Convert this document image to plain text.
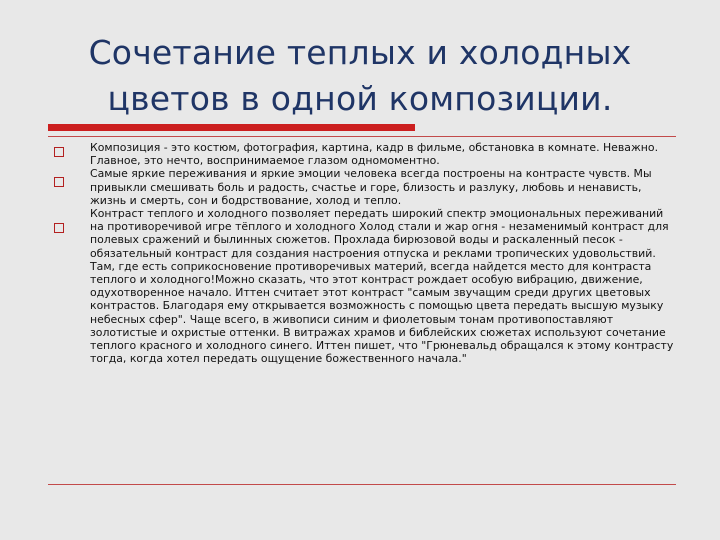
Сочетание теплых и холодных
цветов в одной композиции.

Композиция - это костюм, фотография, картина, кадр в фильме, обстановка в комнате. Неважно. Главное, это нечто, воспринимаемое глазом одномоментно.

Самые яркие переживания и яркие эмоции человека всегда построены на контрасте чувств. Мы привыкли смешивать боль и радость, счастье и горе, близость и разлуку, любовь и ненависть, жизнь и смерть, сон и бодрствование, холод и тепло.

Контраст теплого и холодного позволяет передать широкий спектр эмоциональных переживаний на противоречивой игре тёплого и холодного Холод стали и жар огня - незаменимый контраст для полевых сражений и былинных сюжетов. Прохлада бирюзовой воды и раскаленный песок - обязательный контраст для создания настроения отпуска и реклами тропических удовольствий. Там, где есть соприкосновение противоречивых материй, всегда найдется место для контраста теплого и холодного!Можно сказать, что этот контраст рождает особую вибрацию, движение, одухотворенное начало. Иттен считает этот контраст "самым звучащим среди других цветовых контрастов. Благодаря ему открывается возможность с помощью цвета передать высшую музыку небесных сфер". Чаще всего, в живописи синим и фиолетовым тонам противопоставляют золотистые и охристые оттенки. В витражах храмов и библейских сюжетах используют сочетание теплого красного и холодного синего. Иттен пишет, что "Грюневальд обращался к этому контрасту тогда, когда хотел передать ощущение божественного начала."
